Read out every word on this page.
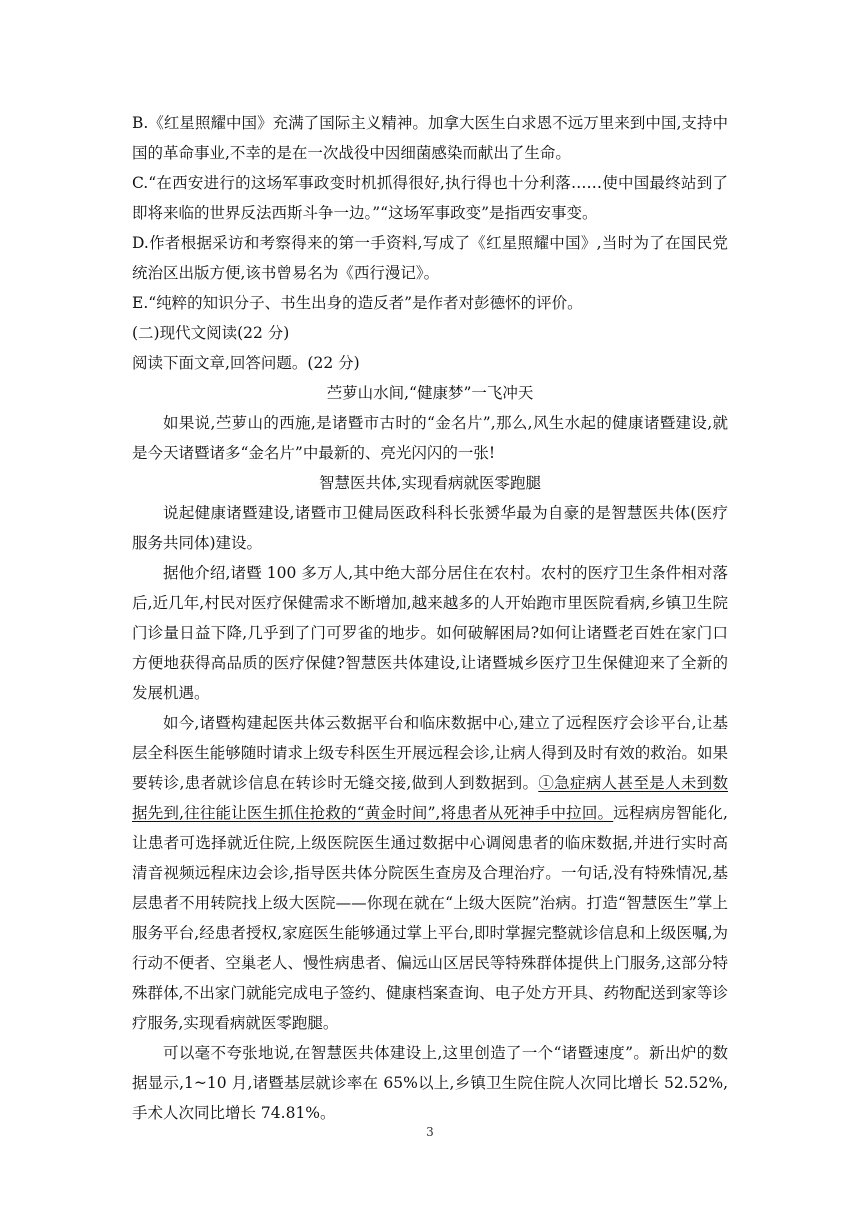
B.《红星照耀中国》充满了国际主义精神。加拿大医生白求恩不远万里来到中国,支持中国的革命事业,不幸的是在一次战役中因细菌感染而献出了生命。

C.“在西安进行的这场军事政变时机抓得很好,执行得也十分利落……使中国最终站到了即将来临的世界反法西斯斗争一边。”“这场军事政变”是指西安事变。

D.作者根据采访和考察得来的第一手资料,写成了《红星照耀中国》,当时为了在国民党统治区出版方便,该书曾易名为《西行漫记》。

E.“纯粹的知识分子、书生出身的造反者”是作者对彭德怀的评价。

(二)现代文阅读(22 分)

阅读下面文章,回答问题。(22 分)

苎萝山水间,“健康梦”一飞冲天

如果说,苎萝山的西施,是诸暨市古时的“金名片”,那么,风生水起的健康诸暨建设,就是今天诸暨诸多“金名片”中最新的、亮光闪闪的一张!

智慧医共体,实现看病就医零跑腿

说起健康诸暨建设,诸暨市卫健局医政科科长张赟华最为自豪的是智慧医共体(医疗服务共同体)建设。

据他介绍,诸暨 100 多万人,其中绝大部分居住在农村。农村的医疗卫生条件相对落后,近几年,村民对医疗保健需求不断增加,越来越多的人开始跑市里医院看病,乡镇卫生院门诊量日益下降,几乎到了门可罗雀的地步。如何破解困局?如何让诸暨老百姓在家门口方便地获得高品质的医疗保健?智慧医共体建设,让诸暨城乡医疗卫生保健迎来了全新的发展机遇。

如今,诸暨构建起医共体云数据平台和临床数据中心,建立了远程医疗会诊平台,让基层全科医生能够随时请求上级专科医生开展远程会诊,让病人得到及时有效的救治。如果要转诊,患者就诊信息在转诊时无缝交接,做到人到数据到。①急症病人甚至是人未到数据先到,往往能让医生抓住抢救的“黄金时间”,将患者从死神手中拉回。远程病房智能化,让患者可选择就近住院,上级医院医生通过数据中心调阅患者的临床数据,并进行实时高清音视频远程床边会诊,指导医共体分院医生查房及合理治疗。一句话,没有特殊情况,基层患者不用转院找上级大医院——你现在就在“上级大医院”治病。打造“智慧医生”掌上服务平台,经患者授权,家庭医生能够通过掌上平台,即时掌握完整就诊信息和上级医嘱,为行动不便者、空巢老人、慢性病患者、偏远山区居民等特殊群体提供上门服务,这部分特殊群体,不出家门就能完成电子签约、健康档案查询、电子处方开具、药物配送到家等诊疗服务,实现看病就医零跑腿。

可以毫不夸张地说,在智慧医共体建设上,这里创造了一个“诸暨速度”。新出炉的数据显示,1~10 月,诸暨基层就诊率在 65%以上,乡镇卫生院住院人次同比增长 52.52%,手术人次同比增长 74.81%。

3
